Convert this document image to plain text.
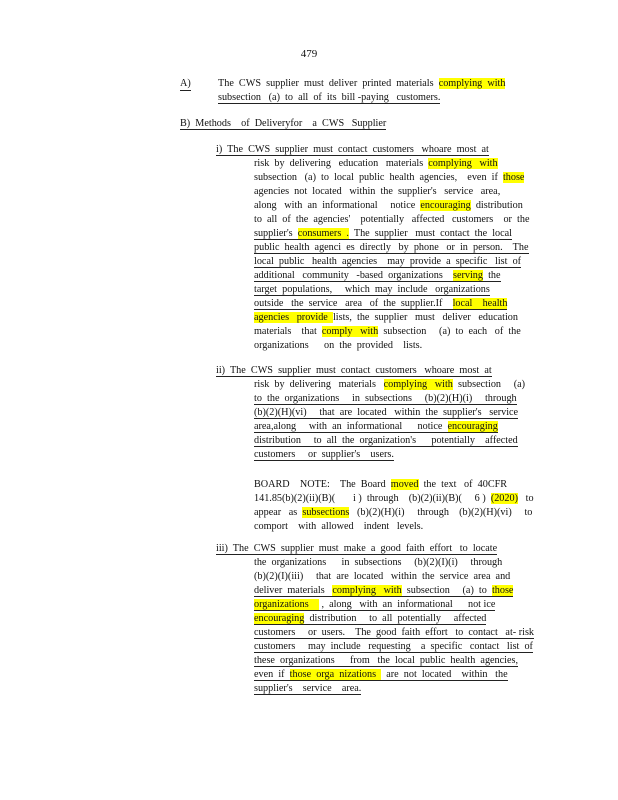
479
A)	The  CWS  supplier  must  deliver  printed  materials  complying  with
subsection   (a)  to  all  of  its  bill -paying   customers.
B)  Methods    of  Deliveryfor    a  CWS   Supplier
i)  The  CWS  supplier  must  contact  customers   whoare  most  at
risk  by  delivering   education   materials  complying   with
subsection   (a)  to  local  public  health  agencies,    even  if  those
agencies  not  located   within  the  supplier's   service   area,
along   with  an  informational     notice  encouraging  distribution
to  all  of  the  agencies'    potentially   affected   customers    or  the
supplier's  consumers  .  The  supplier   must  contact  the  local
public  health  agenci  es  directly   by  phone   or  in  person.    The
local  public   health  agencies    may  provide  a  specific   list  of
additional   community   -based  organizations    serving  the
target  populations,     which  may  include   organizations
outside   the  service   area   of  the  supplier.If    local    health
agencies   provide  lists,  the  supplier   must   deliver   education
materials    that  comply   with  subsection     (a)  to  each   of  the
organizations      on  the  provided    lists.
ii)  The  CWS  supplier  must  contact  customers   whoare  most  at
risk  by  delivering   materials   complying   with  subsection     (a)
to  the  organizations     in  subsections     (b)(2)(H)(i)     through
(b)(2)(H)(vi)     that  are  located   within  the  supplier's   service
area,along     with  an  informational      notice  encouraging
distribution     to  all  the  organization's      potentially    affected
customers     or  supplier's    users.
BOARD    NOTE:    The  Board  moved  the  text   of  40CFR
141.85(b)(2)(ii)(B)(       i )  through    (b)(2)(ii)(B)(     6 )  (2020)   to
appear   as  subsections   (b)(2)(H)(i)     through    (b)(2)(H)(vi)     to
comport    with  allowed    indent   levels.
iii)  The  CWS  supplier  must  make  a  good  faith  effort   to  locate
the  organizations      in  subsections     (b)(2)(I)(i)     through
(b)(2)(I)(iii)     that  are  located   within  the  service  area  and
deliver  materials   complying   with  subsection     (a)  to  those
organizations     ,  along   with  an  informational      not ice
encouraging  distribution     to  all  potentially     affected
customers     or  users.    The  good  faith  effort   to  contact   at- risk
customers     may  include   requesting    a  specific   contact   list  of
these  organizations      from   the  local  public  health  agencies,
even  if  those  orga  nizations    are  not  located    within   the
supplier's    service    area.
